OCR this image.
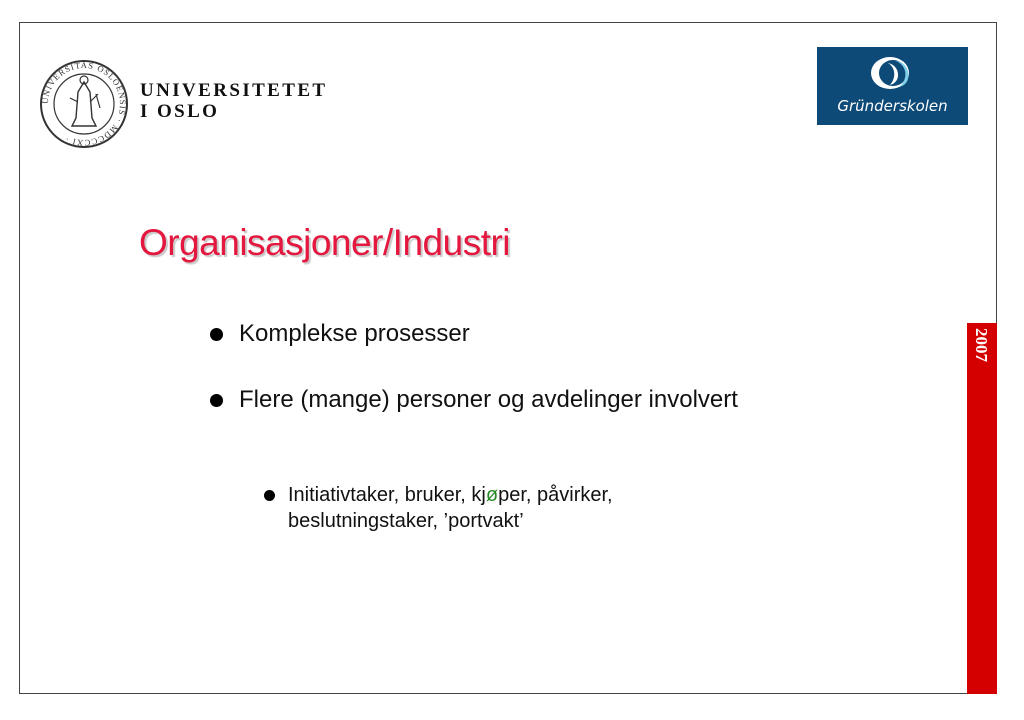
UNIVERSITAS OSLOENSIS · MDCCCXI ·
UNIVERSITETET
I OSLO	Gründerskolen
Organisasjoner/Industri
Komplekse prosesser
Flere (mange) personer og avdelinger involvert
Initiativtaker, bruker, kjøper, påvirker, beslutningstaker, ’portvakt’
2007
